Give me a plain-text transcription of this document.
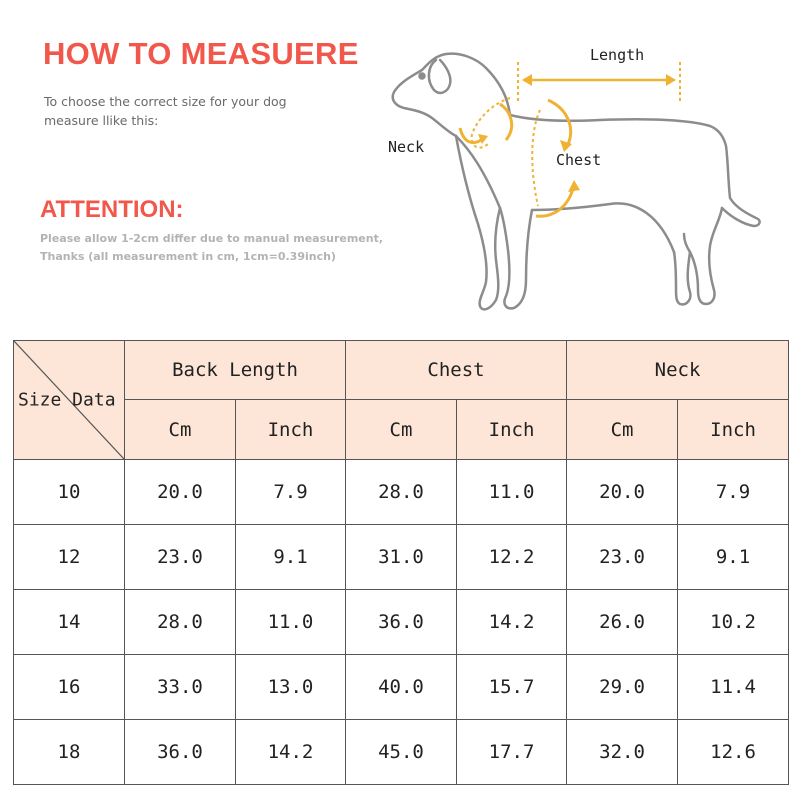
HOW TO MEASUERE
To choose the correct size for your dog
measure llike this:
ATTENTION:
Please allow 1-2cm differ due to manual measurement,
Thanks (all measurement in cm, 1cm=0.39inch)
Length
Neck
Chest
Size Data	Back Length		Chest		Neck	
	Cm	Inch	Cm	Inch	Cm	Inch
10	20.0	7.9	28.0	11.0	20.0	7.9
12	23.0	9.1	31.0	12.2	23.0	9.1
14	28.0	11.0	36.0	14.2	26.0	10.2
16	33.0	13.0	40.0	15.7	29.0	11.4
18	36.0	14.2	45.0	17.7	32.0	12.6
